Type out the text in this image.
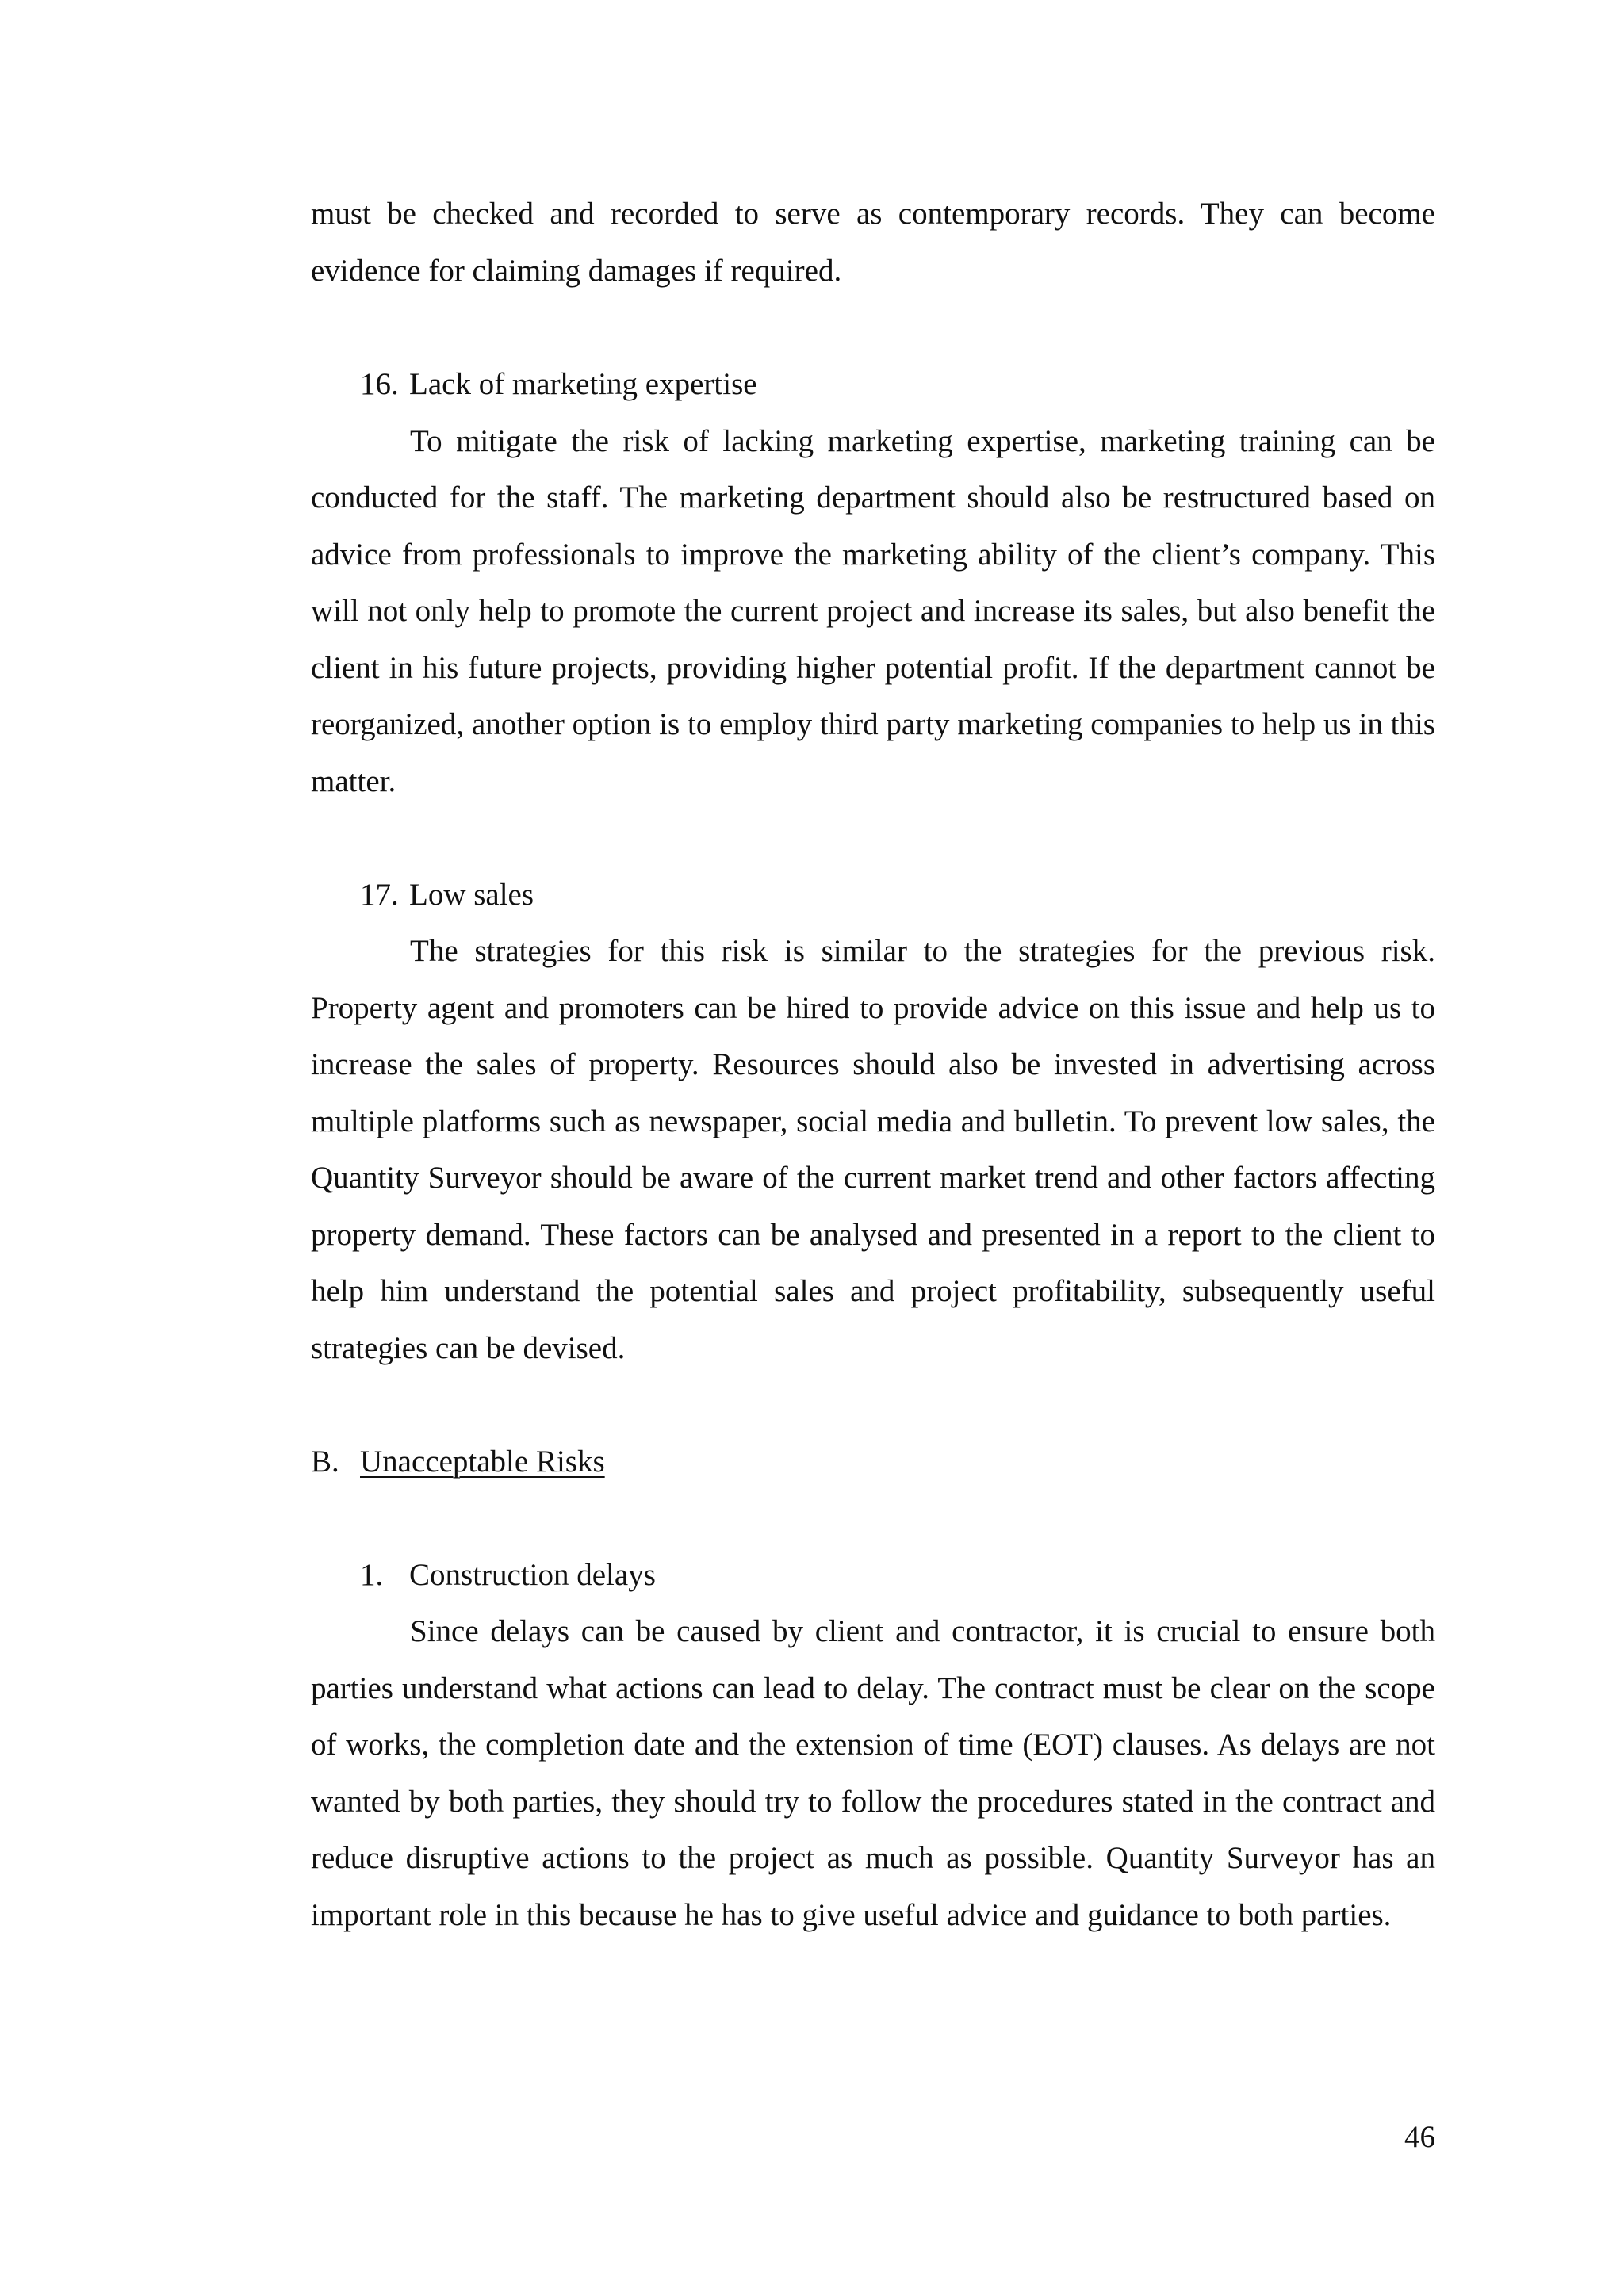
must be checked and recorded to serve as contemporary records. They can become evidence for claiming damages if required.

16. Lack of marketing expertise

To mitigate the risk of lacking marketing expertise, marketing training can be conducted for the staff. The marketing department should also be restructured based on advice from professionals to improve the marketing ability of the client’s company. This will not only help to promote the current project and increase its sales, but also benefit the client in his future projects, providing higher potential profit. If the department cannot be reorganized, another option is to employ third party marketing companies to help us in this matter.

17. Low sales

The strategies for this risk is similar to the strategies for the previous risk. Property agent and promoters can be hired to provide advice on this issue and help us to increase the sales of property. Resources should also be invested in advertising across multiple platforms such as newspaper, social media and bulletin. To prevent low sales, the Quantity Surveyor should be aware of the current market trend and other factors affecting property demand. These factors can be analysed and presented in a report to the client to help him understand the potential sales and project profitability, subsequently useful strategies can be devised.

B. Unacceptable Risks
1. Construction delays

Since delays can be caused by client and contractor, it is crucial to ensure both parties understand what actions can lead to delay. The contract must be clear on the scope of works, the completion date and the extension of time (EOT) clauses. As delays are not wanted by both parties, they should try to follow the procedures stated in the contract and reduce disruptive actions to the project as much as possible. Quantity Surveyor has an important role in this because he has to give useful advice and guidance to both parties.

46
